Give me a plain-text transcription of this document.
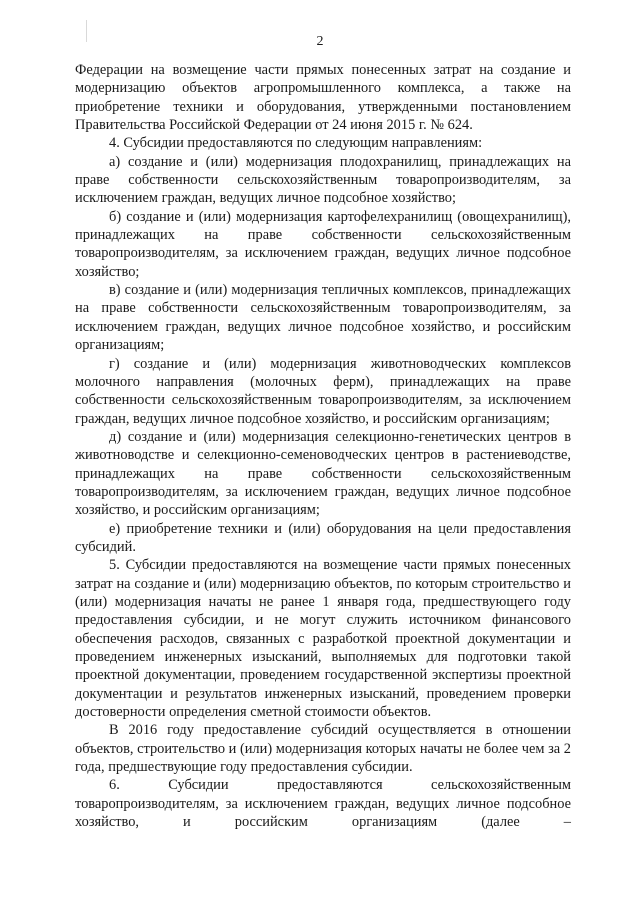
2

Федерации на возмещение части прямых понесенных затрат на создание и модернизацию объектов агропромышленного комплекса, а также на приобретение техники и оборудования, утвержденными постановлением Правительства Российской Федерации от 24 июня 2015 г. № 624.

4. Субсидии предоставляются по следующим направлениям:

а) создание и (или) модернизация плодохранилищ, принадлежащих на праве собственности сельскохозяйственным товаропроизводителям, за исключением граждан, ведущих личное подсобное хозяйство;

б) создание и (или) модернизация картофелехранилищ (овощехранилищ), принадлежащих на праве собственности сельскохозяйственным товаропроизводителям, за исключением граждан, ведущих личное подсобное хозяйство;

в) создание и (или) модернизация тепличных комплексов, принадлежащих на праве собственности сельскохозяйственным товаропроизводителям, за исключением граждан, ведущих личное подсобное хозяйство, и российским организациям;

г) создание и (или) модернизация животноводческих комплексов молочного направления (молочных ферм), принадлежащих на праве собственности сельскохозяйственным товаропроизводителям, за исключением граждан, ведущих личное подсобное хозяйство, и российским организациям;

д) создание и (или) модернизация селекционно-генетических центров в животноводстве и селекционно-семеноводческих центров в растениеводстве, принадлежащих на праве собственности сельскохозяйственным товаропроизводителям, за исключением граждан, ведущих личное подсобное хозяйство, и российским организациям;

е) приобретение техники и (или) оборудования на цели предоставления субсидий.

5. Субсидии предоставляются на возмещение части прямых понесенных затрат на создание и (или) модернизацию объектов, по которым строительство и (или) модернизация начаты не ранее 1 января года, предшествующего году предоставления субсидии, и не могут служить источником финансового обеспечения расходов, связанных с разработкой проектной документации и проведением инженерных изысканий, выполняемых для подготовки такой проектной документации, проведением государственной экспертизы проектной документации и результатов инженерных изысканий, проведением проверки достоверности определения сметной стоимости объектов.

В 2016 году предоставление субсидий осуществляется в отношении объектов, строительство и (или) модернизация которых начаты не более чем за 2 года, предшествующие году предоставления субсидии.

6. Субсидии предоставляются сельскохозяйственным товаропроизводителям, за исключением граждан, ведущих личное подсобное хозяйство, и российским организациям (далее –
